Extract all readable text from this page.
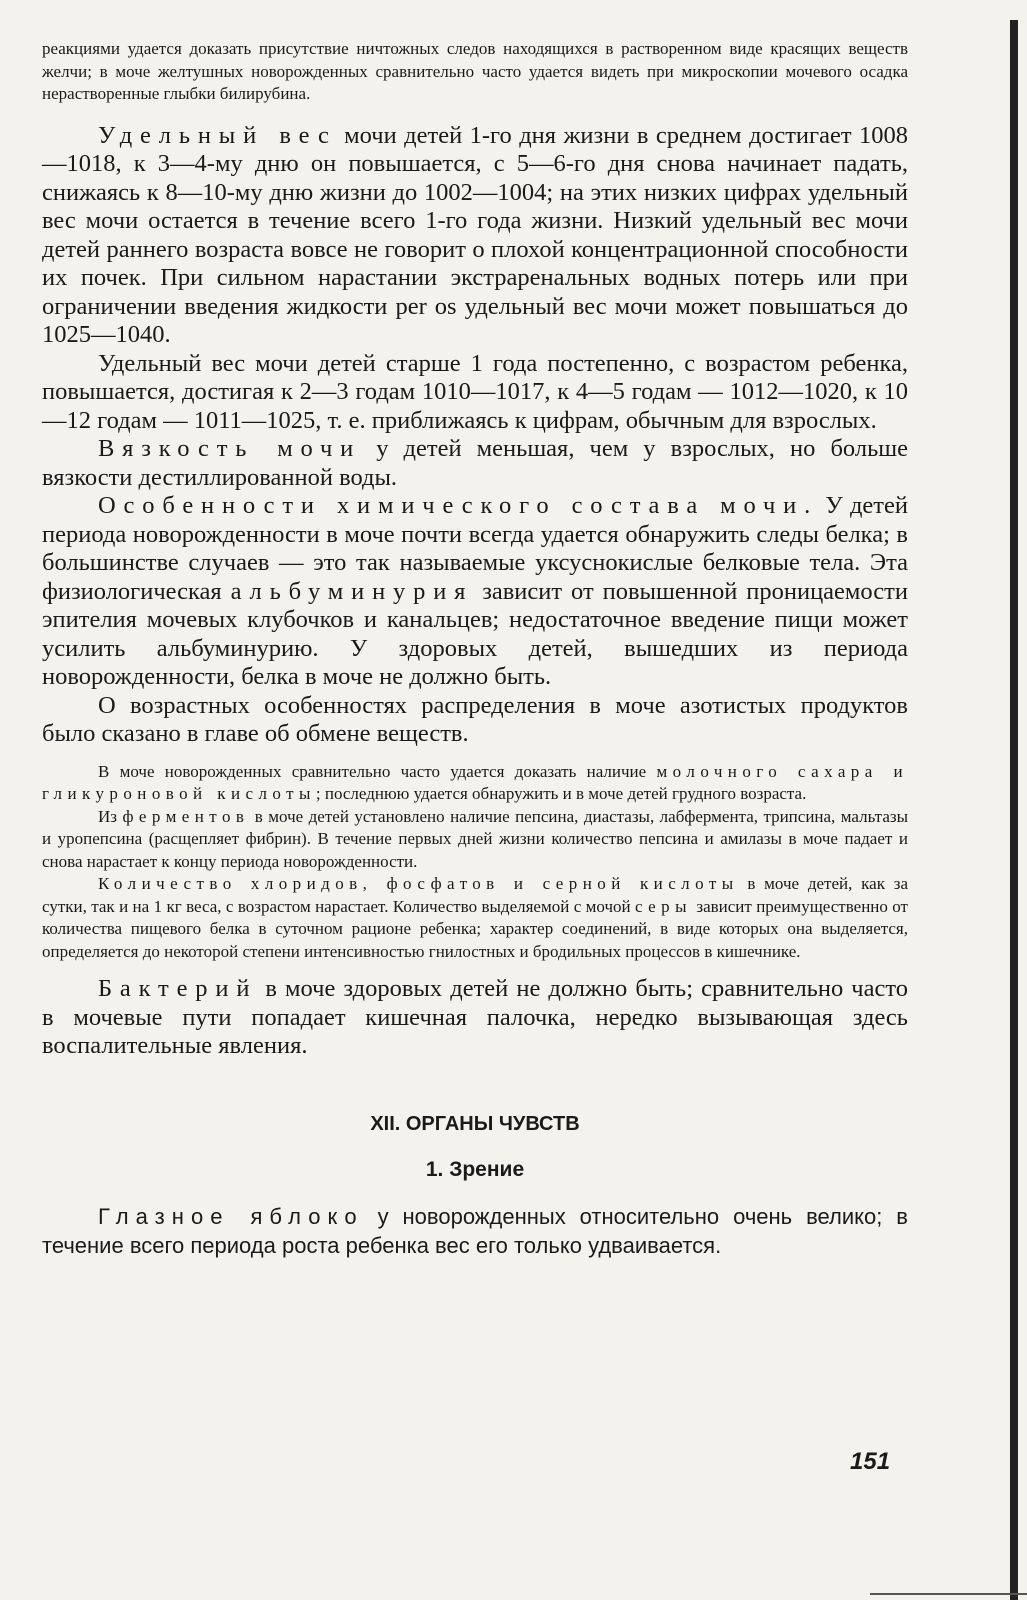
реакциями удается доказать присутствие ничтожных следов находящихся в растворенном виде красящих веществ желчи; в моче желтушных новорожденных сравнительно часто удается видеть при микроскопии мочевого осадка нерастворенные глыбки билирубина.

Удельный вес мочи детей 1-го дня жизни в среднем достигает 1008—1018, к 3—4-му дню он повышается, с 5—6-го дня снова начинает падать, снижаясь к 8—10-му дню жизни до 1002—1004; на этих низких цифрах удельный вес мочи остается в течение всего 1-го года жизни. Низкий удельный вес мочи детей раннего возраста вовсе не говорит о плохой концентрационной способности их почек. При сильном нарастании экстраренальных водных потерь или при ограничении введения жидкости per os удельный вес мочи может повышаться до 1025—1040.

Удельный вес мочи детей старше 1 года постепенно, с возрастом ребенка, повышается, достигая к 2—3 годам 1010—1017, к 4—5 годам — 1012—1020, к 10—12 годам — 1011—1025, т. е. приближаясь к цифрам, обычным для взрослых.

Вязкость мочи у детей меньшая, чем у взрослых, но больше вязкости дестиллированной воды.

Особенности химического состава мочи. У детей периода новорожденности в моче почти всегда удается обнаружить следы белка; в большинстве случаев — это так называемые уксуснокислые белковые тела. Эта физиологическая альбуминурия зависит от повышенной проницаемости эпителия мочевых клубочков и канальцев; недостаточное введение пищи может усилить альбуминурию. У здоровых детей, вышедших из периода новорожденности, белка в моче не должно быть.

О возрастных особенностях распределения в моче азотистых продуктов было сказано в главе об обмене веществ.

В моче новорожденных сравнительно часто удается доказать наличие молочного сахара и гликуроновой кислоты; последнюю удается обнаружить и в моче детей грудного возраста.

Из ферментов в моче детей установлено наличие пепсина, диастазы, лабфермента, трипсина, мальтазы и уропепсина (расщепляет фибрин). В течение первых дней жизни количество пепсина и амилазы в моче падает и снова нарастает к концу периода новорожденности.

Количество хлоридов, фосфатов и серной кислоты в моче детей, как за сутки, так и на 1 кг веса, с возрастом нарастает. Количество выделяемой с мочой серы зависит преимущественно от количества пищевого белка в суточном рационе ребенка; характер соединений, в виде которых она выделяется, определяется до некоторой степени интенсивностью гнилостных и бродильных процессов в кишечнике.

Бактерий в моче здоровых детей не должно быть; сравнительно часто в мочевые пути попадает кишечная палочка, нередко вызывающая здесь воспалительные явления.

XII. ОРГАНЫ ЧУВСТВ
1. Зрение

Глазное яблоко у новорожденных относительно очень велико; в течение всего периода роста ребенка вес его только удваивается.

151
